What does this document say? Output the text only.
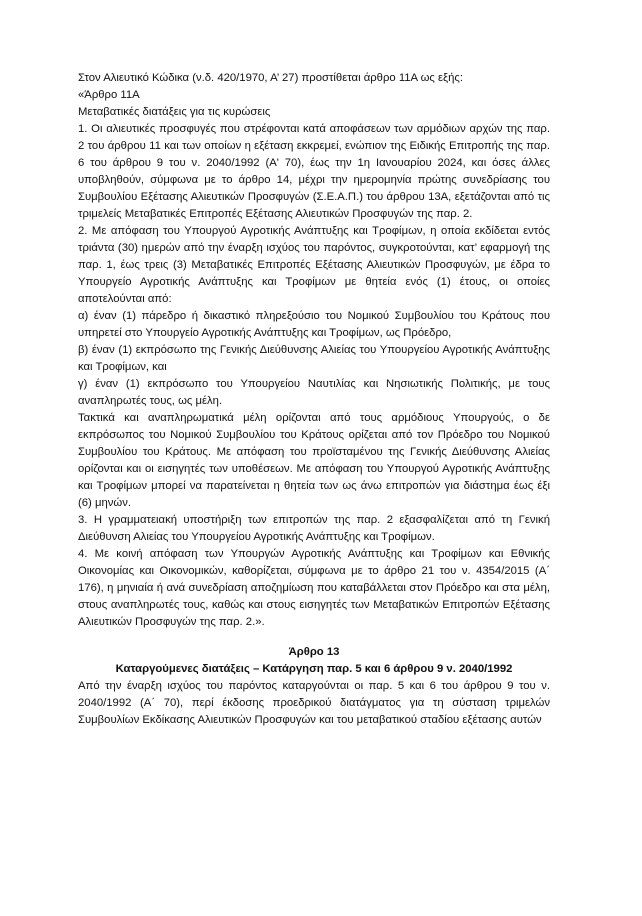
Στον Αλιευτικό Κώδικα (ν.δ. 420/1970, Α’ 27) προστίθεται άρθρο 11Α ως εξής:

«Άρθρο 11Α

Μεταβατικές διατάξεις για τις κυρώσεις

1. Οι αλιευτικές προσφυγές που στρέφονται κατά αποφάσεων των αρμόδιων αρχών της παρ. 2 του άρθρου 11 και των οποίων η εξέταση εκκρεμεί, ενώπιον της Ειδικής Επιτροπής της παρ. 6 του άρθρου 9 του ν. 2040/1992 (Α' 70), έως την 1η Ιανουαρίου 2024, και όσες άλλες υποβληθούν, σύμφωνα με το άρθρο 14, μέχρι την ημερομηνία πρώτης συνεδρίασης του Συμβουλίου Εξέτασης Αλιευτικών Προσφυγών (Σ.Ε.Α.Π.) του άρθρου 13Α, εξετάζονται από τις τριμελείς Μεταβατικές Επιτροπές Εξέτασης Αλιευτικών Προσφυγών της παρ. 2.

2. Με απόφαση του Υπουργού Αγροτικής Ανάπτυξης και Τροφίμων, η οποία εκδίδεται εντός τριάντα (30) ημερών από την έναρξη ισχύος του παρόντος, συγκροτούνται, κατ’ εφαρμογή της παρ. 1, έως τρεις (3) Μεταβατικές Επιτροπές Εξέτασης Αλιευτικών Προσφυγών, με έδρα το Υπουργείο Αγροτικής Ανάπτυξης και Τροφίμων με θητεία ενός (1) έτους, οι οποίες αποτελούνται από:

α) έναν (1) πάρεδρο ή δικαστικό πληρεξούσιο του Νομικού Συμβουλίου του Κράτους που υπηρετεί στο Υπουργείο Αγροτικής Ανάπτυξης και Τροφίμων, ως Πρόεδρο,

β) έναν (1) εκπρόσωπο της Γενικής Διεύθυνσης Αλιείας του Υπουργείου Αγροτικής Ανάπτυξης και Τροφίμων, και

γ) έναν (1) εκπρόσωπο του Υπουργείου Ναυτιλίας και Νησιωτικής Πολιτικής, με τους αναπληρωτές τους, ως μέλη.

Τακτικά και αναπληρωματικά μέλη ορίζονται από τους αρμόδιους Υπουργούς, ο δε εκπρόσωπος του Νομικού Συμβουλίου του Κράτους ορίζεται από τον Πρόεδρο του Νομικού Συμβουλίου του Κράτους. Με απόφαση του προϊσταμένου της Γενικής Διεύθυνσης Αλιείας ορίζονται και οι εισηγητές των υποθέσεων. Με απόφαση του Υπουργού Αγροτικής Ανάπτυξης και Τροφίμων μπορεί να παρατείνεται η θητεία των ως άνω επιτροπών για διάστημα έως έξι (6) μηνών.

3. Η γραμματειακή υποστήριξη των επιτροπών της παρ. 2 εξασφαλίζεται από τη Γενική Διεύθυνση Αλιείας του Υπουργείου Αγροτικής Ανάπτυξης και Τροφίμων.

4. Με κοινή απόφαση των Υπουργών Αγροτικής Ανάπτυξης και Τροφίμων και Εθνικής Οικονομίας και Οικονομικών, καθορίζεται, σύμφωνα με το άρθρο 21 του ν. 4354/2015 (Α΄ 176), η μηνιαία ή ανά συνεδρίαση αποζημίωση που καταβάλλεται στον Πρόεδρο και στα μέλη, στους αναπληρωτές τους, καθώς και στους εισηγητές των Μεταβατικών Επιτροπών Εξέτασης Αλιευτικών Προσφυγών της παρ. 2.».

Άρθρο 13

Καταργούμενες διατάξεις – Κατάργηση παρ. 5 και 6 άρθρου 9 ν. 2040/1992

Από την έναρξη ισχύος του παρόντος καταργούνται οι παρ. 5 και 6 του άρθρου 9 του ν. 2040/1992 (Α΄ 70), περί έκδοσης προεδρικού διατάγματος για τη σύσταση τριμελών Συμβουλίων Εκδίκασης Αλιευτικών Προσφυγών και του μεταβατικού σταδίου εξέτασης αυτών
